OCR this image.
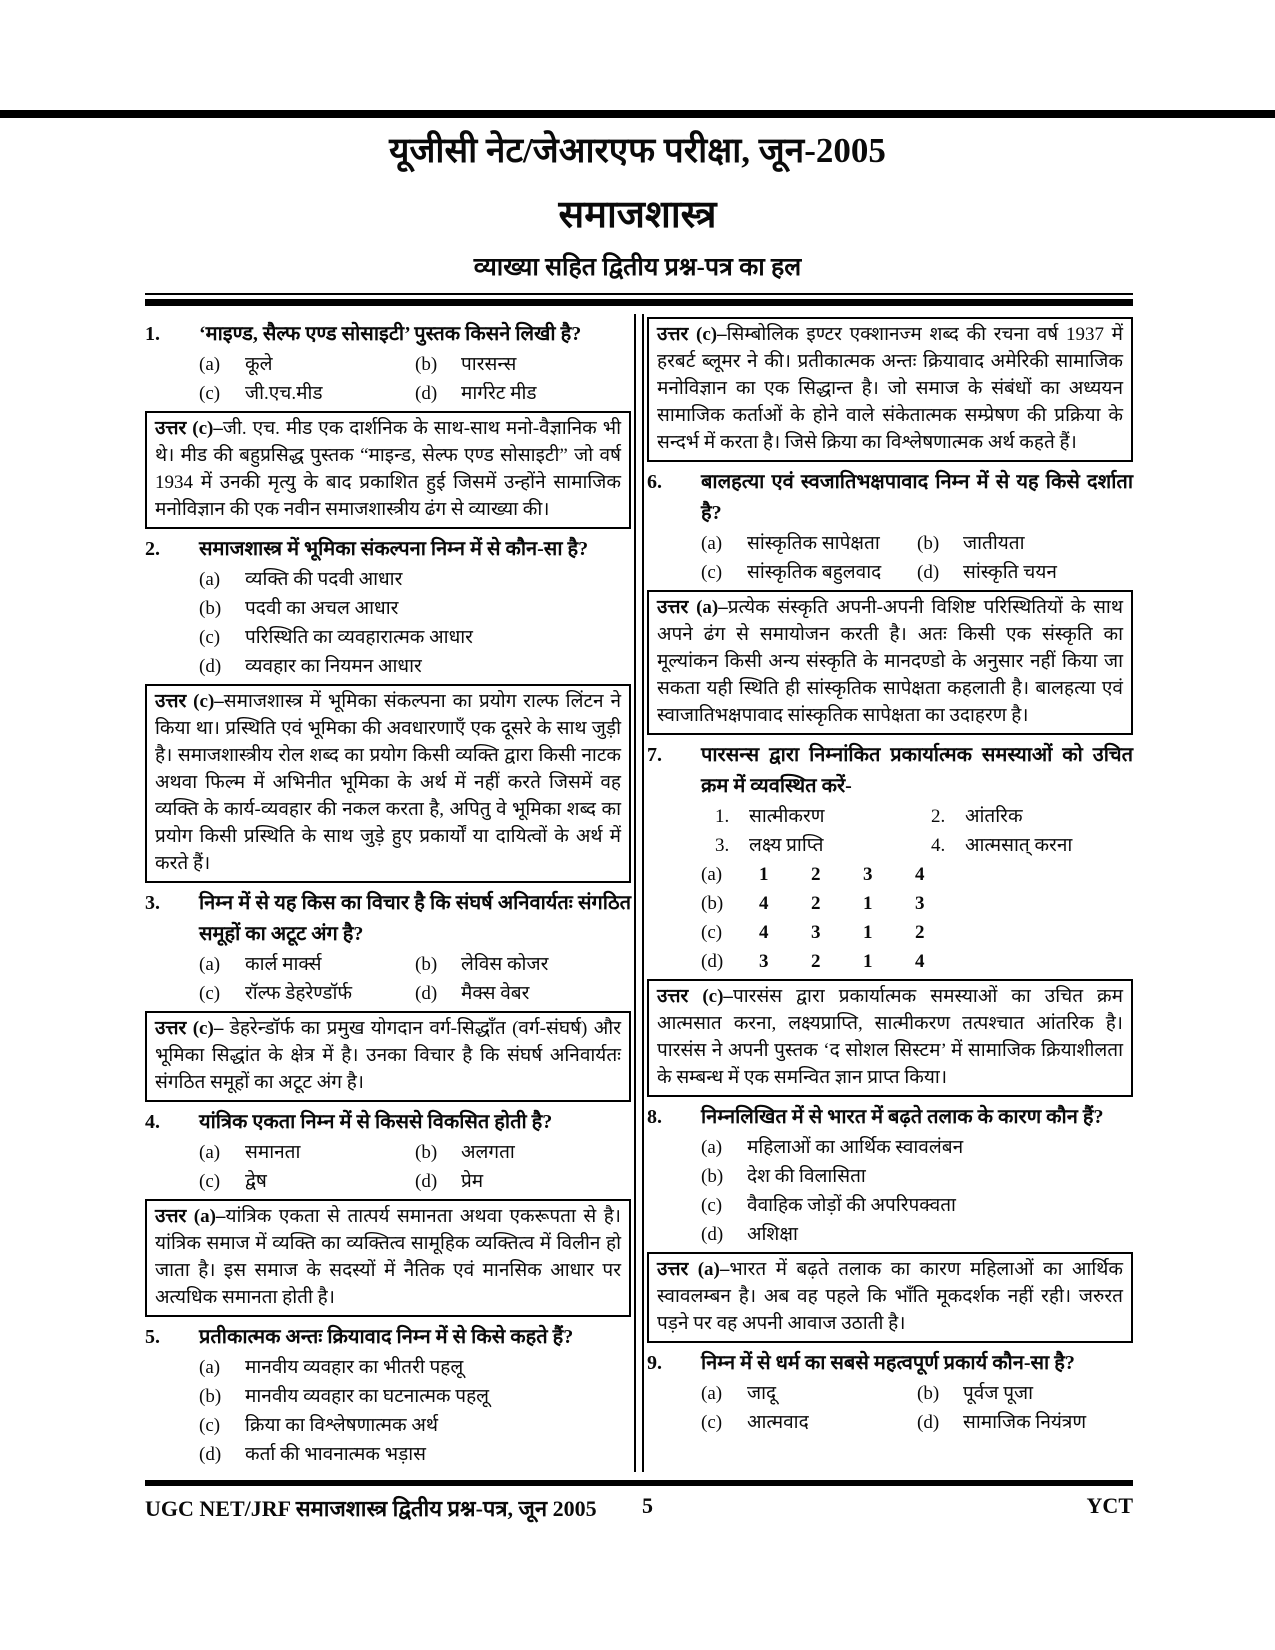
यूजीसी नेट/जेआरएफ परीक्षा, जून-2005
समाजशास्त्र
व्याख्या सहित द्वितीय प्रश्न-पत्र का हल
1.	‘माइण्ड, सैल्फ एण्ड सोसाइटी’ पुस्तक किसने लिखी है?
(a) कूले	(b) पारसन्स
(c) जी.एच.मीड	(d) मार्गरेट मीड

उत्तर (c)–जी. एच. मीड एक दार्शनिक के साथ-साथ मनो-वैज्ञानिक भी थे। मीड की बहुप्रसिद्ध पुस्तक “माइन्ड, सेल्फ एण्ड सोसाइटी” जो वर्ष 1934 में उनकी मृत्यु के बाद प्रकाशित हुई जिसमें उन्होंने सामाजिक मनोविज्ञान की एक नवीन समाजशास्त्रीय ढंग से व्याख्या की।

2.	समाजशास्त्र में भूमिका संकल्पना निम्न में से कौन-सा है?
(a) व्यक्ति की पदवी आधार
(b) पदवी का अचल आधार
(c) परिस्थिति का व्यवहारात्मक आधार
(d) व्यवहार का नियमन आधार

उत्तर (c)–समाजशास्त्र में भूमिका संकल्पना का प्रयोग राल्फ लिंटन ने किया था। प्रस्थिति एवं भूमिका की अवधारणाएँ एक दूसरे के साथ जुड़ी है। समाजशास्त्रीय रोल शब्द का प्रयोग किसी व्यक्ति द्वारा किसी नाटक अथवा फिल्म में अभिनीत भूमिका के अर्थ में नहीं करते जिसमें वह व्यक्ति के कार्य-व्यवहार की नकल करता है, अपितु वे भूमिका शब्द का प्रयोग किसी प्रस्थिति के साथ जुड़े हुए प्रकार्यों या दायित्वों के अर्थ में करते हैं।

3.	निम्न में से यह किस का विचार है कि संघर्ष अनिवार्यतः संगठित समूहों का अटूट अंग है?
(a) कार्ल मार्क्स	(b) लेविस कोजर
(c) रॉल्फ डेहरेण्डॉर्फ	(d) मैक्स वेबर

उत्तर (c)– डेहरेन्डॉर्फ का प्रमुख योगदान वर्ग-सिद्धाँत (वर्ग-संघर्ष) और भूमिका सिद्धांत के क्षेत्र में है। उनका विचार है कि संघर्ष अनिवार्यतः संगठित समूहों का अटूट अंग है।

4.	यांत्रिक एकता निम्न में से किससे विकसित होती है?
(a) समानता	(b) अलगता
(c) द्वेष	(d) प्रेम

उत्तर (a)–यांत्रिक एकता से तात्पर्य समानता अथवा एकरूपता से है। यांत्रिक समाज में व्यक्ति का व्यक्तित्व सामूहिक व्यक्तित्व में विलीन हो जाता है। इस समाज के सदस्यों में नैतिक एवं मानसिक आधार पर अत्यधिक समानता होती है।

5.	प्रतीकात्मक अन्तः क्रियावाद निम्न में से किसे कहते हैं?
(a) मानवीय व्यवहार का भीतरी पहलू
(b) मानवीय व्यवहार का घटनात्मक पहलू
(c) क्रिया का विश्लेषणात्मक अर्थ
(d) कर्ता की भावनात्मक भड़ास

उत्तर (c)–सिम्बोलिक इण्टर एक्शानज्म शब्द की रचना वर्ष 1937 में हरबर्ट ब्लूमर ने की। प्रतीकात्मक अन्तः क्रियावाद अमेरिकी सामाजिक मनोविज्ञान का एक सिद्धान्त है। जो समाज के संबंधों का अध्ययन सामाजिक कर्ताओं के होने वाले संकेतात्मक सम्प्रेषण की प्रक्रिया के सन्दर्भ में करता है। जिसे क्रिया का विश्लेषणात्मक अर्थ कहते हैं।

6.	बालहत्या एवं स्वजातिभक्षपावाद निम्न में से यह किसे दर्शाता है?
(a) सांस्कृतिक सापेक्षता	(b) जातीयता
(c) सांस्कृतिक बहुलवाद	(d) सांस्कृति चयन

उत्तर (a)–प्रत्येक संस्कृति अपनी-अपनी विशिष्ट परिस्थितियों के साथ अपने ढंग से समायोजन करती है। अतः किसी एक संस्कृति का मूल्यांकन किसी अन्य संस्कृति के मानदण्डो के अनुसार नहीं किया जा सकता यही स्थिति ही सांस्कृतिक सापेक्षता कहलाती है। बालहत्या एवं स्वाजातिभक्षपावाद सांस्कृतिक सापेक्षता का उदाहरण है।

7.	पारसन्स द्वारा निम्नांकित प्रकार्यात्मक समस्याओं को उचित क्रम में व्यवस्थित करें-
1. सात्मीकरण	2. आंतरिक
3. लक्ष्य प्राप्ति	4. आत्मसात् करना
(a) 1 2 3 4
(b) 4 2 1 3
(c) 4 3 1 2
(d) 3 2 1 4

उत्तर (c)–पारसंस द्वारा प्रकार्यात्मक समस्याओं का उचित क्रम आत्मसात करना, लक्ष्यप्राप्ति, सात्मीकरण तत्पश्चात आंतरिक है। पारसंस ने अपनी पुस्तक ‘द सोशल सिस्टम’ में सामाजिक क्रियाशीलता के सम्बन्ध में एक समन्वित ज्ञान प्राप्त किया।

8.	निम्नलिखित में से भारत में बढ़ते तलाक के कारण कौन हैं?
(a) महिलाओं का आर्थिक स्वावलंबन
(b) देश की विलासिता
(c) वैवाहिक जोड़ों की अपरिपक्वता
(d) अशिक्षा

उत्तर (a)–भारत में बढ़ते तलाक का कारण महिलाओं का आर्थिक स्वावलम्बन है। अब वह पहले कि भाँति मूकदर्शक नहीं रही। जरुरत पड़ने पर वह अपनी आवाज उठाती है।

9.	निम्न में से धर्म का सबसे महत्वपूर्ण प्रकार्य कौन-सा है?
(a) जादू	(b) पूर्वज पूजा
(c) आत्मवाद	(d) सामाजिक नियंत्रण
UGC NET/JRF समाजशास्त्र द्वितीय प्रश्न-पत्र, जून 2005 5	YCT
